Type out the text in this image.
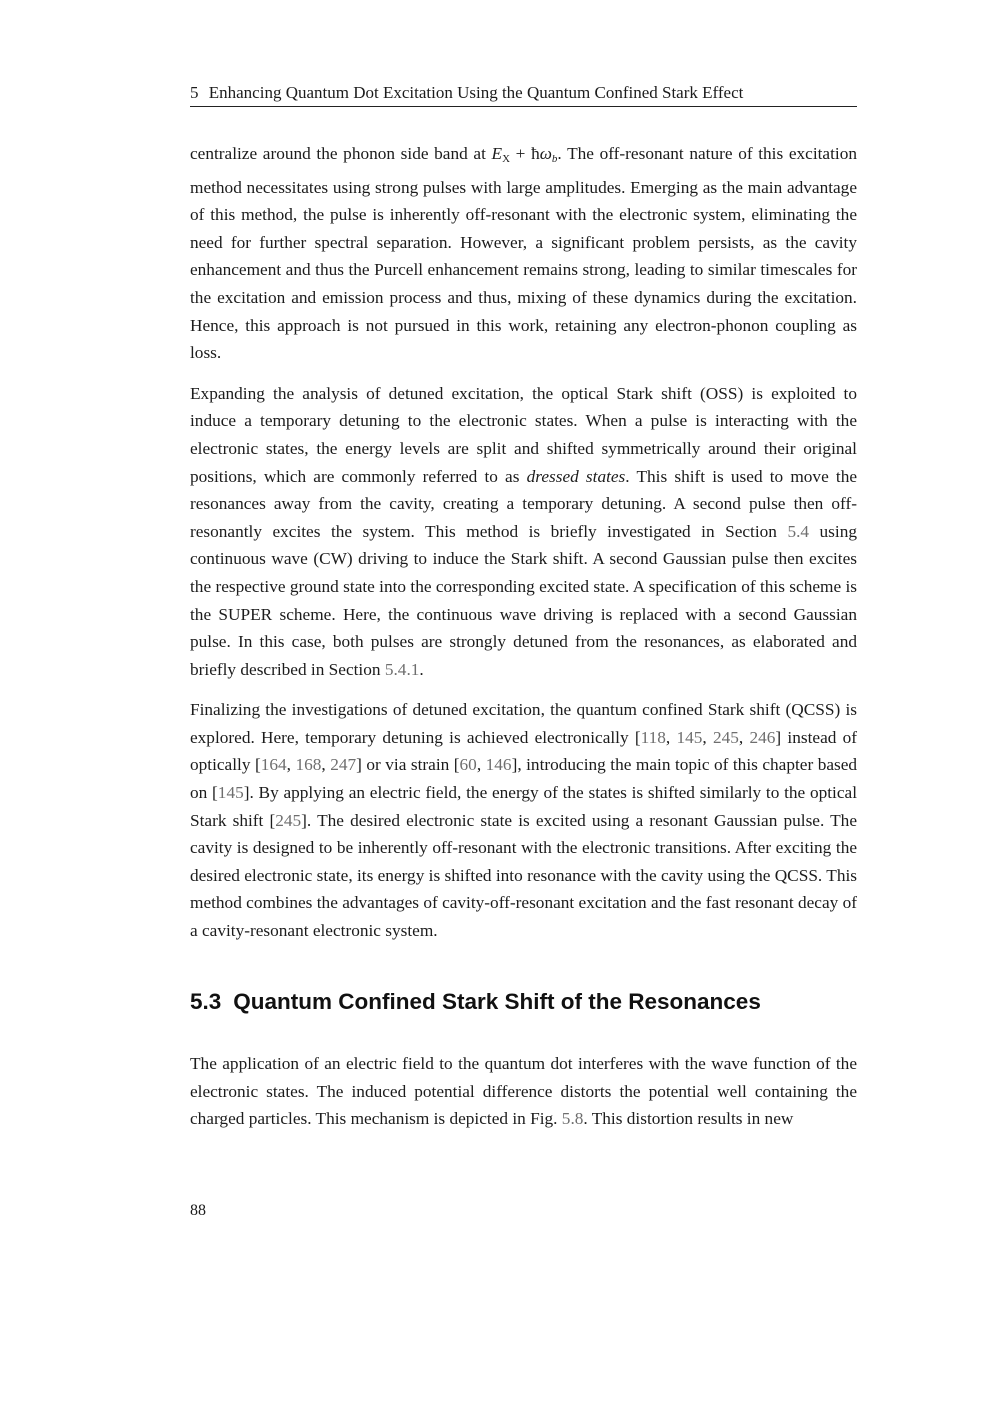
5 Enhancing Quantum Dot Excitation Using the Quantum Confined Stark Effect

centralize around the phonon side band at $E_X$ + $ħ\omega_b$. The off-resonant nature of this excitation method necessitates using strong pulses with large amplitudes. Emerging as the main advantage of this method, the pulse is inherently off-resonant with the electronic system, eliminating the need for further spectral separation. However, a significant problem persists, as the cavity enhancement and thus the Purcell enhancement remains strong, leading to similar timescales for the excitation and emission process and thus, mixing of these dynamics during the excitation. Hence, this approach is not pursued in this work, retaining any electron-phonon coupling as loss.

Expanding the analysis of detuned excitation, the optical Stark shift (OSS) is exploited to induce a temporary detuning to the electronic states. When a pulse is interacting with the electronic states, the energy levels are split and shifted symmetrically around their original positions, which are commonly referred to as dressed states. This shift is used to move the resonances away from the cavity, creating a temporary detuning. A second pulse then off-resonantly excites the system. This method is briefly investigated in Section 5.4 using continuous wave (CW) driving to induce the Stark shift. A second Gaussian pulse then excites the respective ground state into the corresponding excited state. A specification of this scheme is the SUPER scheme. Here, the continuous wave driving is replaced with a second Gaussian pulse. In this case, both pulses are strongly detuned from the resonances, as elaborated and briefly described in Section 5.4.1.

Finalizing the investigations of detuned excitation, the quantum confined Stark shift (QCSS) is explored. Here, temporary detuning is achieved electronically [118, 145, 245, 246] instead of optically [164, 168, 247] or via strain [60, 146], introducing the main topic of this chapter based on [145]. By applying an electric field, the energy of the states is shifted similarly to the optical Stark shift [245]. The desired electronic state is excited using a resonant Gaussian pulse. The cavity is designed to be inherently off-resonant with the electronic transitions. After exciting the desired electronic state, its energy is shifted into resonance with the cavity using the QCSS. This method combines the advantages of cavity-off-resonant excitation and the fast resonant decay of a cavity-resonant electronic system.

5.3 Quantum Confined Stark Shift of the Resonances

The application of an electric field to the quantum dot interferes with the wave function of the electronic states. The induced potential difference distorts the potential well containing the charged particles. This mechanism is depicted in Fig. 5.8. This distortion results in new

88
